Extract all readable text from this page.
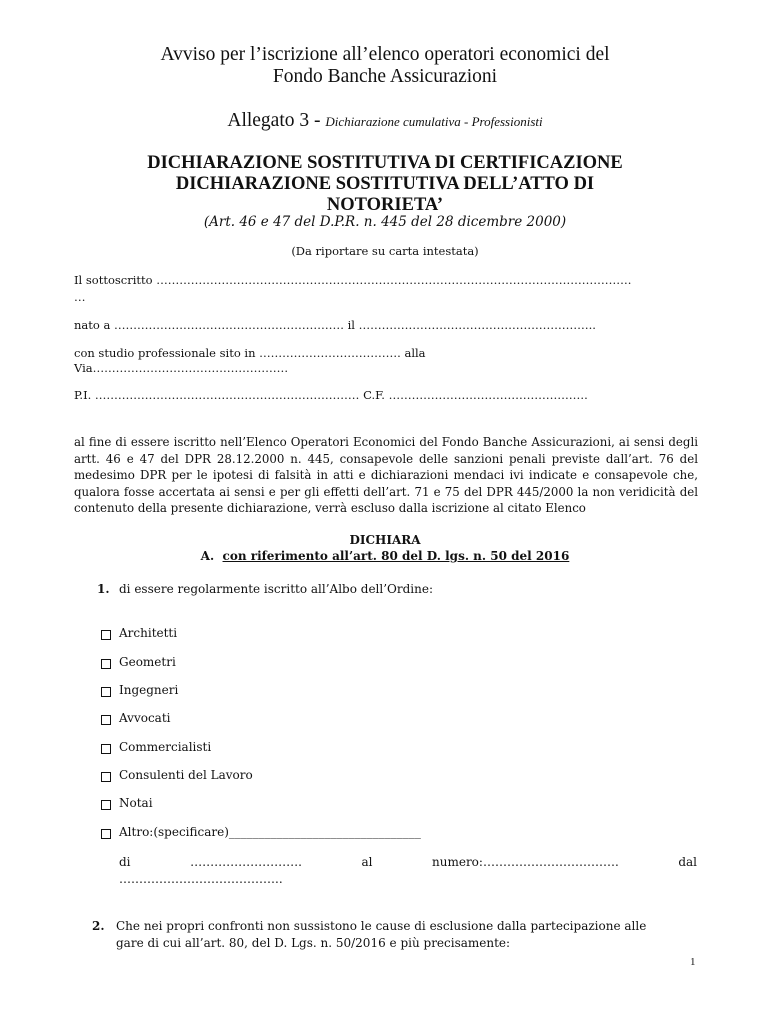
Avviso per l’iscrizione all’elenco operatori economici del
Fondo Banche Assicurazioni
Allegato 3 - Dichiarazione cumulativa - Professionisti
DICHIARAZIONE SOSTITUTIVA DI CERTIFICAZIONE
DICHIARAZIONE SOSTITUTIVA DELL’ATTO DI
NOTORIETA’
(Art. 46 e 47 del D.P.R. n. 445 del 28 dicembre 2000)
(Da riportare su carta intestata)
Il sottoscritto …………………………………………………………………………………………………………….
…
nato a …………………………………………………… il ……………………………………………………..
con studio professionale sito in ………………………………. alla
Via……………………………………………
P.I. …………………………………………………………… C.F. …………………………………………….
al fine di essere iscritto nell’Elenco Operatori Economici del Fondo Banche Assicurazioni, ai sensi degli artt. 46 e 47 del DPR 28.12.2000 n. 445, consapevole delle sanzioni penali previste dall’art. 76 del medesimo DPR per le ipotesi di falsità in atti e dichiarazioni mendaci ivi indicate e consapevole che, qualora fosse accertata ai sensi e per gli effetti dell’art. 71 e 75 del DPR 445/2000 la non veridicità del contenuto della presente dichiarazione, verrà escluso dalla iscrizione al citato Elenco
DICHIARA
A. con riferimento all’art. 80 del D. lgs. n. 50 del 2016
1. di essere regolarmente iscritto all’Albo dell’Ordine:
Architetti
Geometri
Ingegneri
Avvocati
Commercialisti
Consulenti del Lavoro
Notai
Altro:(specificare)________________________________
di	……………………….	al	numero:…………………………….	dal
…………………………………..
2. Che nei propri confronti non sussistono le cause di esclusione dalla partecipazione alle
gare di cui all’art. 80, del D. Lgs. n. 50/2016 e più precisamente:
1
